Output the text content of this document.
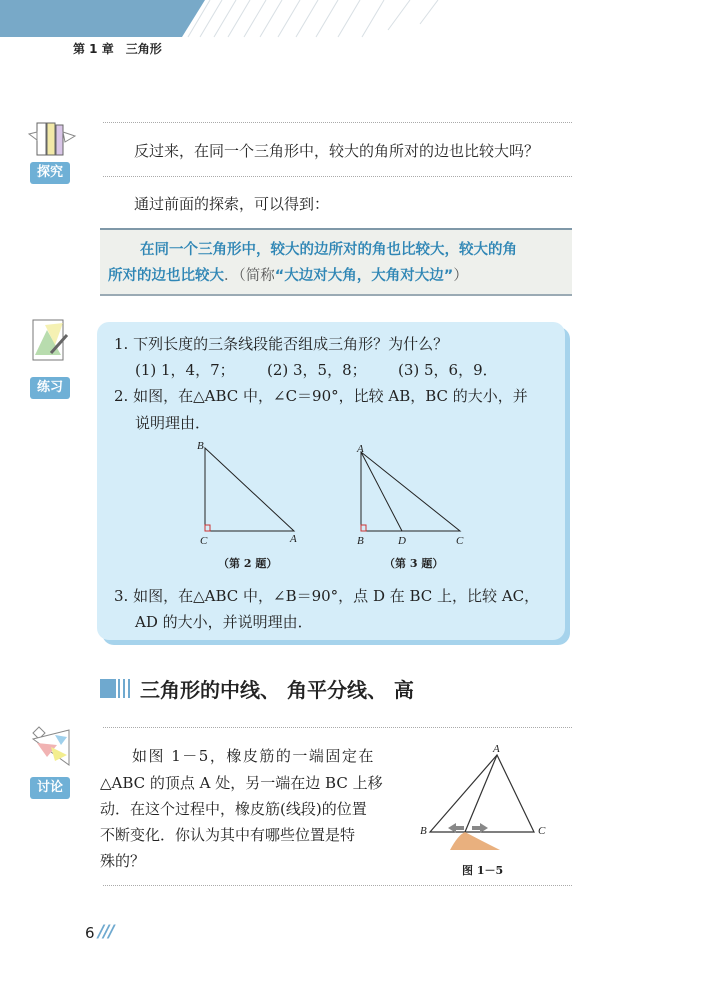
第 1 章　三角形
探究
反过来，在同一个三角形中，较大的角所对的边也比较大吗？
通过前面的探索，可以得到：
在同一个三角形中，较大的边所对的角也比较大，较大的角
所对的边也比较大．（简称“大边对大角，大角对大边”）
练习
1. 下列长度的三条线段能否组成三角形？为什么？
(1) 1，4，7； (2) 3，5，8； (3) 5，6，9．
2. 如图，在△ABC 中，∠C＝90°，比较 AB，BC 的大小，并
说明理由．
B
C	A
A
B	D	C
（第 2 题）	（第 3 题）
3. 如图，在△ABC 中，∠B＝90°，点 D 在 BC 上，比较 AC，
AD 的大小，并说明理由．
三角形的中线、 角平分线、 高
讨论
如图 1－5，橡皮筋的一端固定在
△ABC 的顶点 A 处，另一端在边 BC 上移
动．在这个过程中，橡皮筋(线段)的位置
不断变化．你认为其中有哪些位置是特
殊的？
A
B	C
图 1－5
6 ///
